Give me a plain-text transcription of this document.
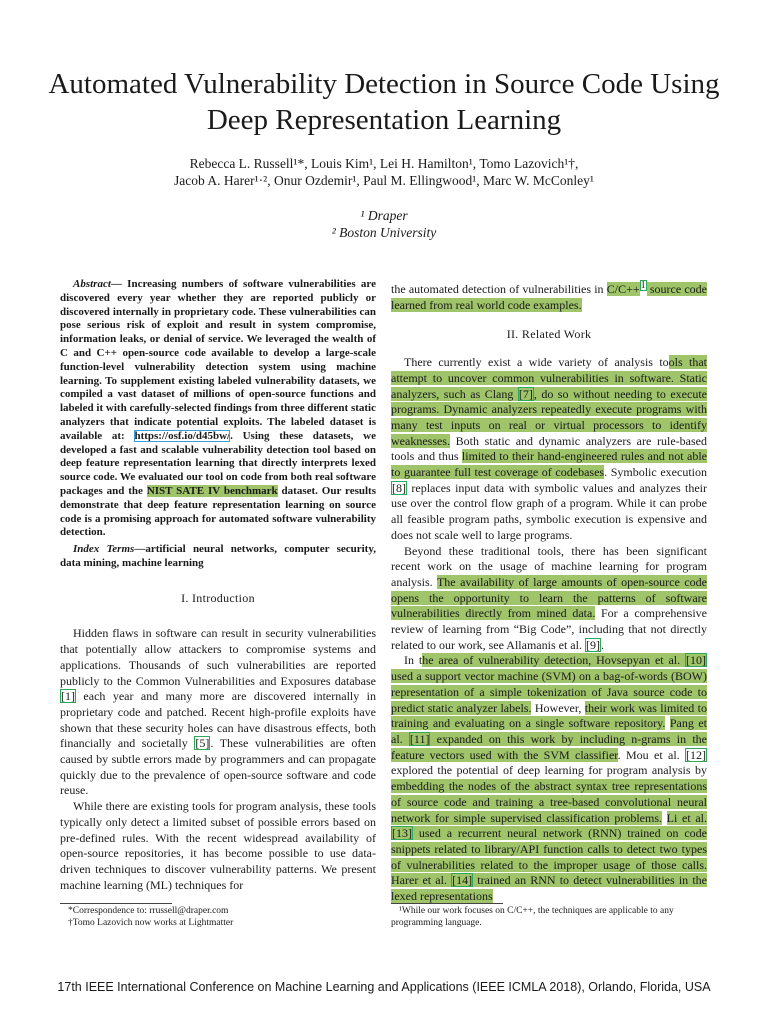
Automated Vulnerability Detection in Source Code Using Deep Representation Learning
Rebecca L. Russell¹*, Louis Kim¹, Lei H. Hamilton¹, Tomo Lazovich¹†,
Jacob A. Harer¹·², Onur Ozdemir¹, Paul M. Ellingwood¹, Marc W. McConley¹
¹ Draper
² Boston University

Abstract— Increasing numbers of software vulnerabilities are discovered every year whether they are reported publicly or discovered internally in proprietary code. These vulnerabilities can pose serious risk of exploit and result in system compromise, information leaks, or denial of service. We leveraged the wealth of C and C++ open-source code available to develop a large-scale function-level vulnerability detection system using machine learning. To supplement existing labeled vulnerability datasets, we compiled a vast dataset of millions of open-source functions and labeled it with carefully-selected findings from three different static analyzers that indicate potential exploits. The labeled dataset is available at: https://osf.io/d45bw/. Using these datasets, we developed a fast and scalable vulnerability detection tool based on deep feature representation learning that directly interprets lexed source code. We evaluated our tool on code from both real software packages and the NIST SATE IV benchmark dataset. Our results demonstrate that deep feature representation learning on source code is a promising approach for automated software vulnerability detection.

Index Terms—artificial neural networks, computer security, data mining, machine learning

I. Introduction

Hidden flaws in software can result in security vulnerabilities that potentially allow attackers to compromise systems and applications. Thousands of such vulnerabilities are reported publicly to the Common Vulnerabilities and Exposures database [1] each year and many more are discovered internally in proprietary code and patched. Recent high-profile exploits have shown that these security holes can have disastrous effects, both financially and societally [5]. These vulnerabilities are often caused by subtle errors made by programmers and can propagate quickly due to the prevalence of open-source software and code reuse.

While there are existing tools for program analysis, these tools typically only detect a limited subset of possible errors based on pre-defined rules. With the recent widespread availability of open-source repositories, it has become possible to use data-driven techniques to discover vulnerability patterns. We present machine learning (ML) techniques for

the automated detection of vulnerabilities in C/C++$^1$ source code learned from real world code examples.

II. Related Work

There currently exist a wide variety of analysis tools that attempt to uncover common vulnerabilities in software. Static analyzers, such as Clang [7], do so without needing to execute programs. Dynamic analyzers repeatedly execute programs with many test inputs on real or virtual processors to identify weaknesses. Both static and dynamic analyzers are rule-based tools and thus limited to their hand-engineered rules and not able to guarantee full test coverage of codebases. Symbolic execution [8] replaces input data with symbolic values and analyzes their use over the control flow graph of a program. While it can probe all feasible program paths, symbolic execution is expensive and does not scale well to large programs.

Beyond these traditional tools, there has been significant recent work on the usage of machine learning for program analysis. The availability of large amounts of open-source code opens the opportunity to learn the patterns of software vulnerabilities directly from mined data. For a comprehensive review of learning from “Big Code”, including that not directly related to our work, see Allamanis et al. [9].

In the area of vulnerability detection, Hovsepyan et al. [10] used a support vector machine (SVM) on a bag-of-words (BOW) representation of a simple tokenization of Java source code to predict static analyzer labels. However, their work was limited to training and evaluating on a single software repository. Pang et al. [11] expanded on this work by including n-grams in the feature vectors used with the SVM classifier. Mou et al. [12] explored the potential of deep learning for program analysis by embedding the nodes of the abstract syntax tree representations of source code and training a tree-based convolutional neural network for simple supervised classification problems. Li et al. [13] used a recurrent neural network (RNN) trained on code snippets related to library/API function calls to detect two types of vulnerabilities related to the improper usage of those calls. Harer et al. [14] trained an RNN to detect vulnerabilities in the lexed representations

*Correspondence to: rrussell@draper.com

†Tomo Lazovich now works at Lightmatter

¹While our work focuses on C/C++, the techniques are applicable to any programming language.

17th IEEE International Conference on Machine Learning and Applications (IEEE ICMLA 2018), Orlando, Florida, USA
